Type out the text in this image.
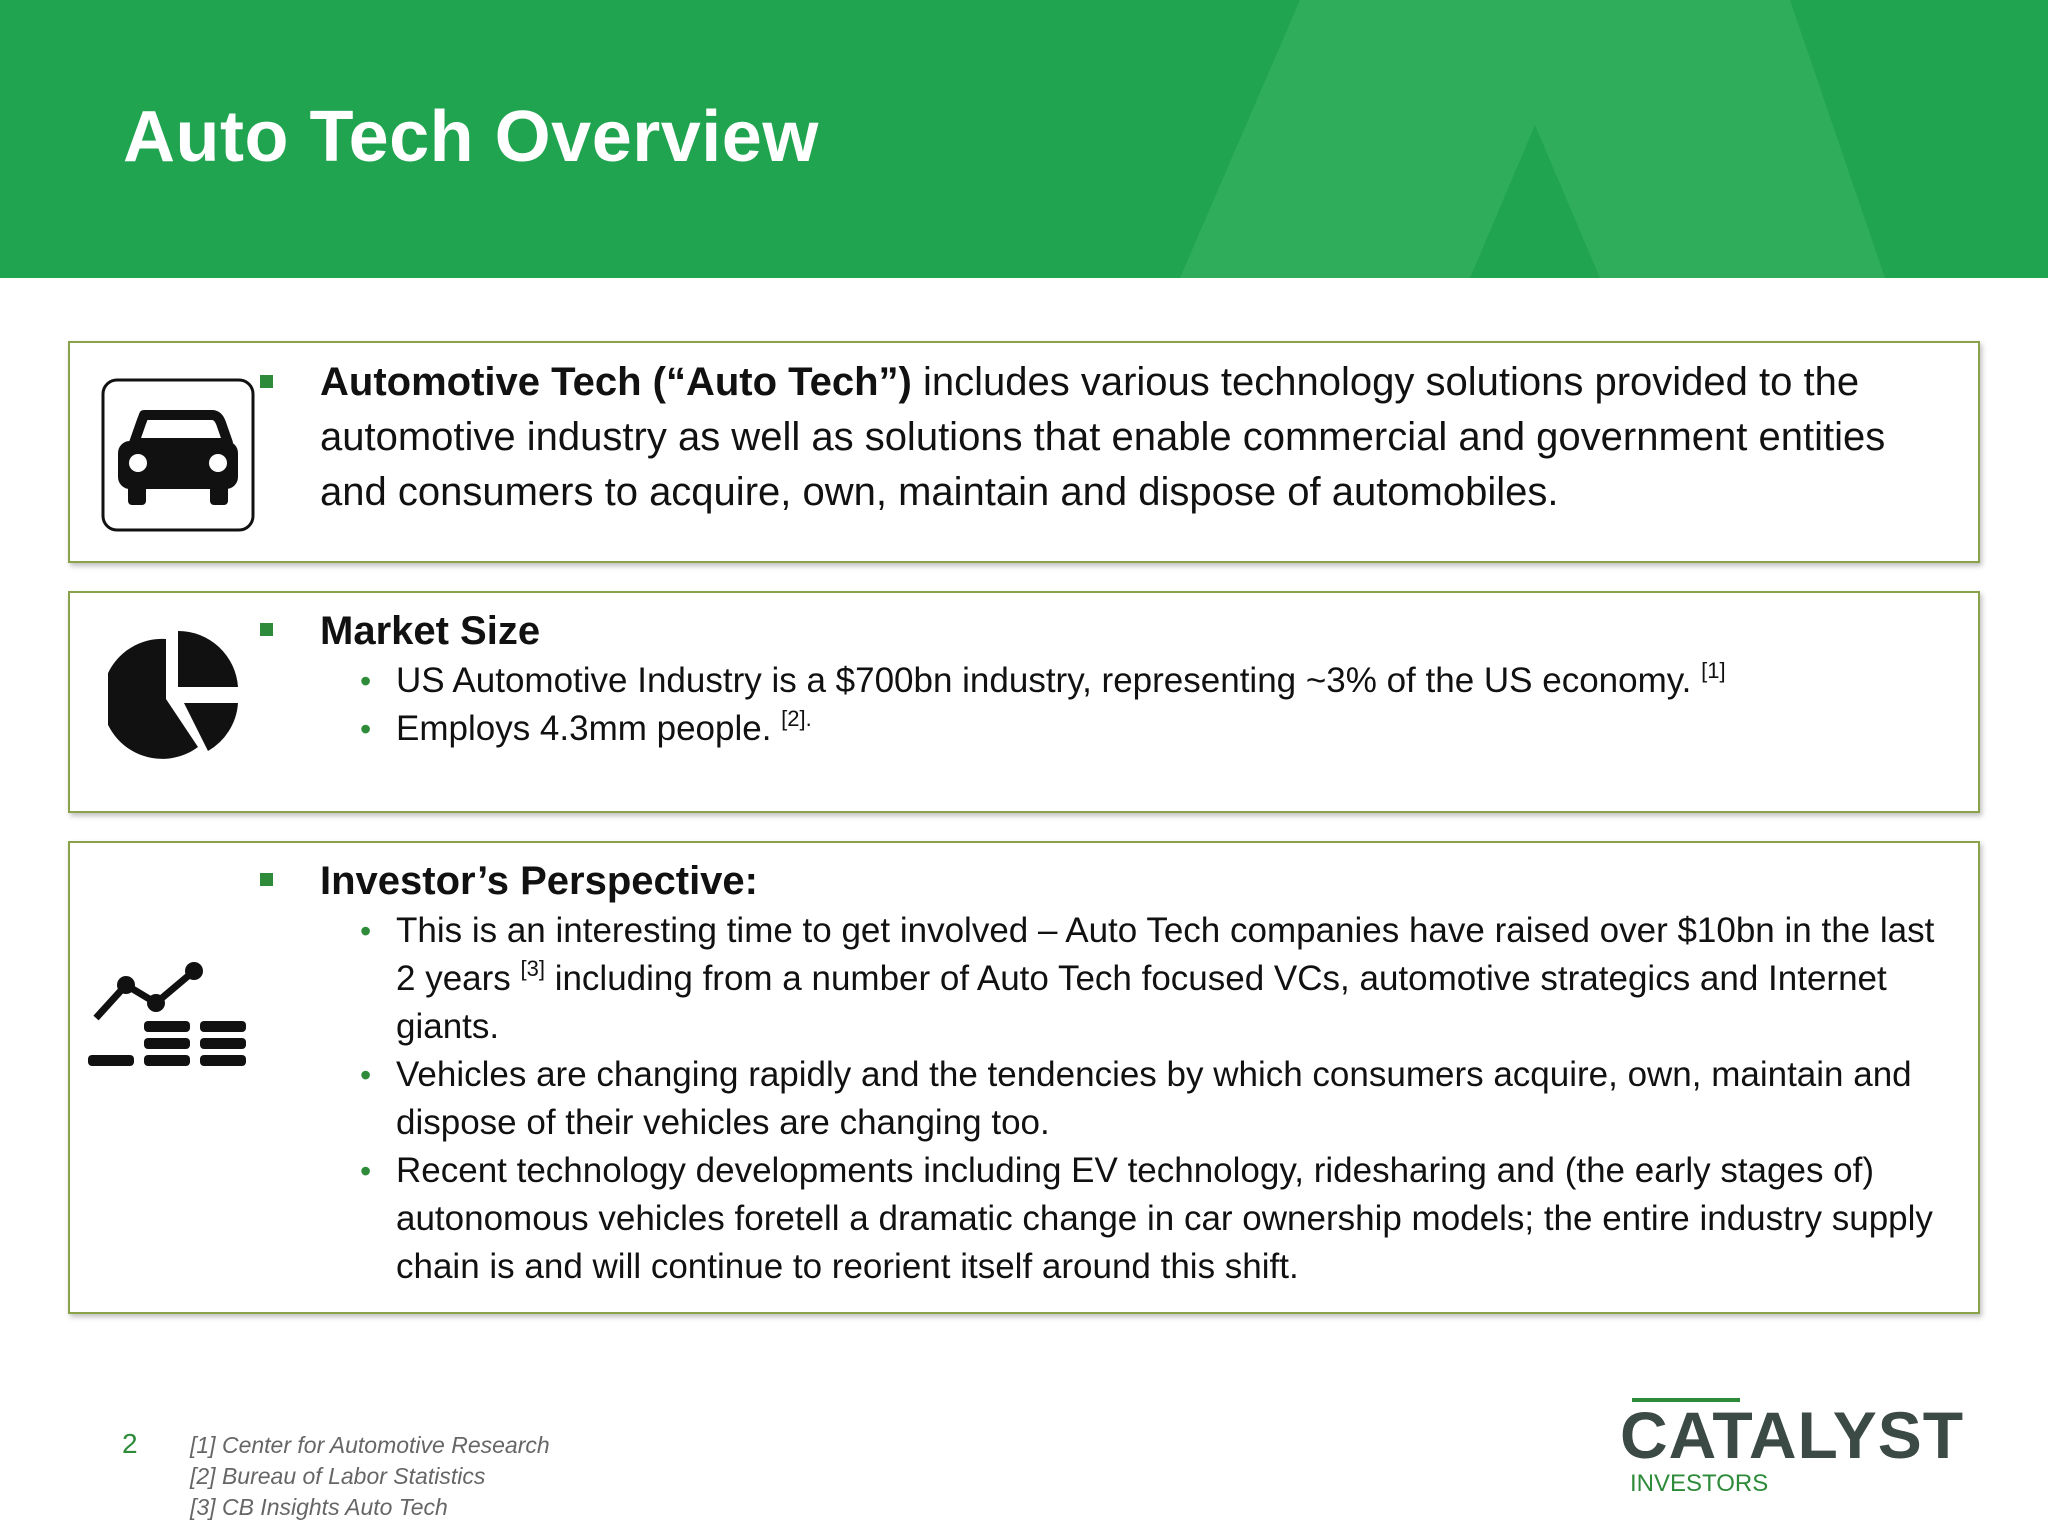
Auto Tech Overview

Automotive Tech (“Auto Tech”) includes various technology solutions provided to the automotive industry as well as solutions that enable commercial and government entities and consumers to acquire, own, maintain and dispose of automobiles.

Market Size

• US Automotive Industry is a $700bn industry, representing ~3% of the US economy. [1]
• Employs 4.3mm people. $^{[2].}$

Investor’s Perspective:

• This is an interesting time to get involved – Auto Tech companies have raised over $10bn in the last 2 years [3] including from a number of Auto Tech focused VCs, automotive strategics and Internet giants.
• Vehicles are changing rapidly and the tendencies by which consumers acquire, own, maintain and dispose of their vehicles are changing too.
• Recent technology developments including EV technology, ridesharing and (the early stages of) autonomous vehicles foretell a dramatic change in car ownership models; the entire industry supply chain is and will continue to reorient itself around this shift.
2 [1] Center for Automotive Research
[2] Bureau of Labor Statistics
[3] CB Insights Auto Tech
CATALYST
INVESTORS
